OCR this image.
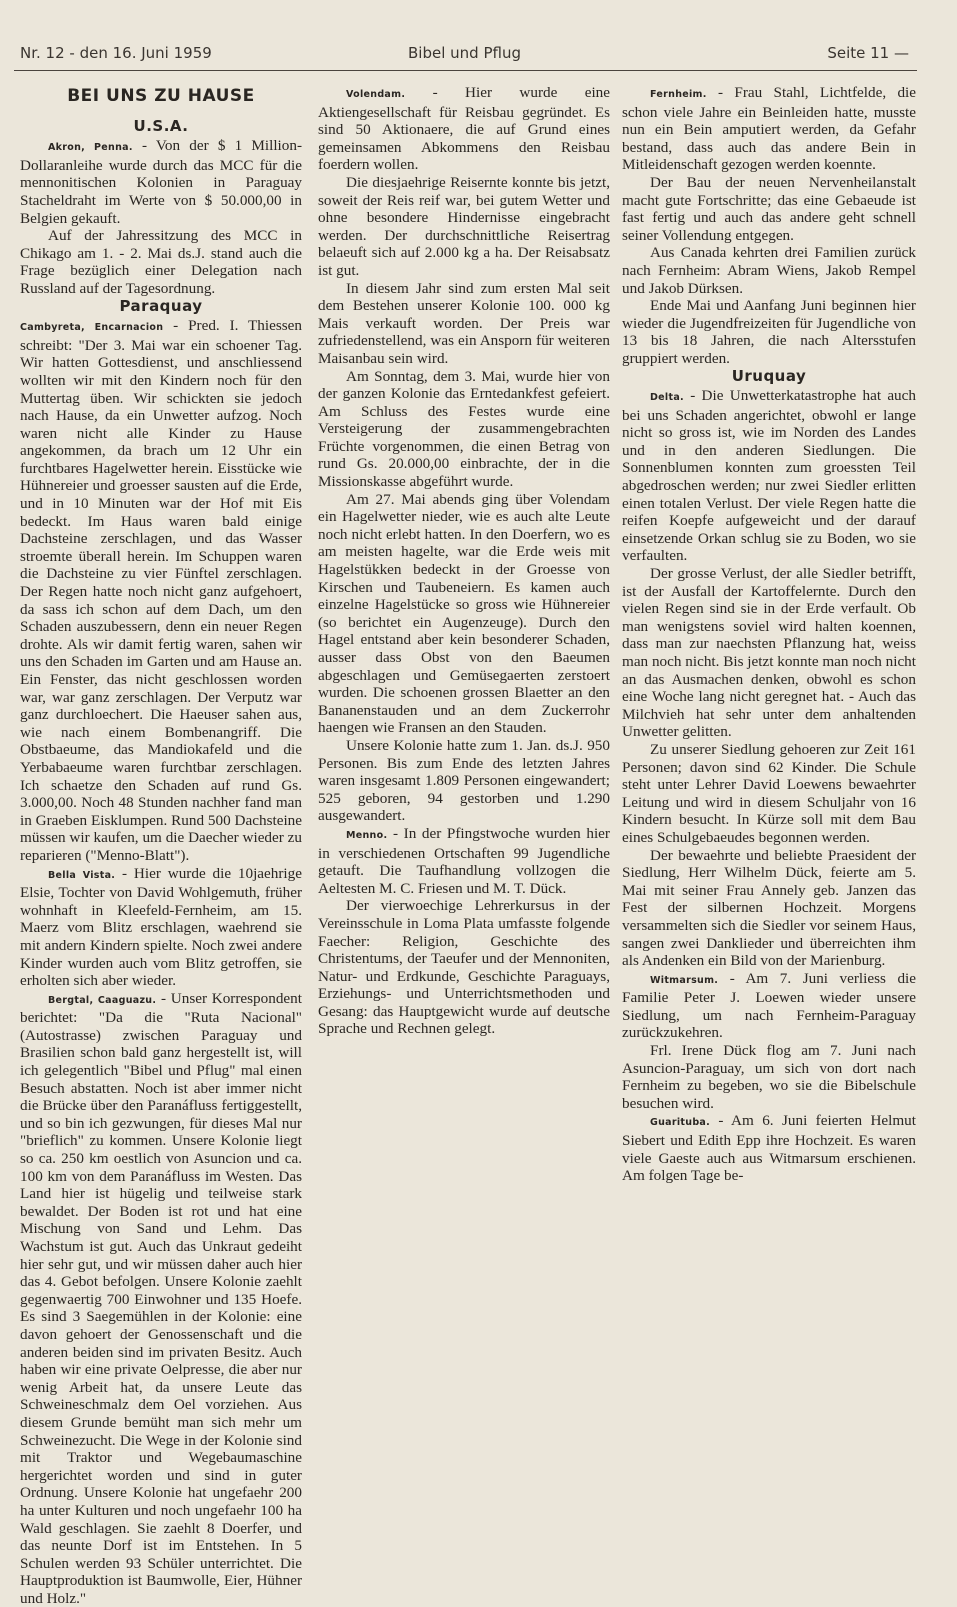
Nr. 12 - den 16. Juni 1959	Bibel und Pflug	Seite 11 —
BEI UNS ZU HAUSE
U.S.A.

Akron, Penna. - Von der $ 1 Million-Dollaranleihe wurde durch das MCC für die mennonitischen Kolonien in Paraguay Stacheldraht im Werte von $ 50.000,00 in Belgien gekauft.

Auf der Jahressitzung des MCC in Chikago am 1. - 2. Mai ds.J. stand auch die Frage bezüglich einer Delegation nach Russland auf der Tagesordnung.

Paraquay

Cambyreta, Encarnacion - Pred. I. Thiessen schreibt: "Der 3. Mai war ein schoener Tag. Wir hatten Gottesdienst, und anschliessend wollten wir mit den Kindern noch für den Muttertag üben. Wir schickten sie jedoch nach Hause, da ein Unwetter aufzog. Noch waren nicht alle Kinder zu Hause angekommen, da brach um 12 Uhr ein furchtbares Hagelwetter herein. Eisstücke wie Hühnereier und groesser sausten auf die Erde, und in 10 Minuten war der Hof mit Eis bedeckt. Im Haus waren bald einige Dachsteine zerschlagen, und das Wasser stroemte überall herein. Im Schuppen waren die Dachsteine zu vier Fünftel zerschlagen. Der Regen hatte noch nicht ganz aufgehoert, da sass ich schon auf dem Dach, um den Schaden auszubessern, denn ein neuer Regen drohte. Als wir damit fertig waren, sahen wir uns den Schaden im Garten und am Hause an. Ein Fenster, das nicht geschlossen worden war, war ganz zerschlagen. Der Verputz war ganz durchloechert. Die Haeuser sahen aus, wie nach einem Bombenangriff. Die Obstbaeume, das Mandiokafeld und die Yerbabaeume waren furchtbar zerschlagen. Ich schaetze den Schaden auf rund Gs. 3.000,00. Noch 48 Stunden nachher fand man in Graeben Eisklumpen. Rund 500 Dachsteine müssen wir kaufen, um die Daecher wieder zu reparieren ("Menno-Blatt").

Bella Vista. - Hier wurde die 10jaehrige Elsie, Tochter von David Wohlgemuth, früher wohnhaft in Kleefeld-Fernheim, am 15. Maerz vom Blitz erschlagen, waehrend sie mit andern Kindern spielte. Noch zwei andere Kinder wurden auch vom Blitz getroffen, sie erholten sich aber wieder.

Bergtal, Caaguazu. - Unser Korrespondent berichtet: "Da die "Ruta Nacional" (Autostrasse) zwischen Paraguay und Brasilien schon bald ganz hergestellt ist, will ich gelegentlich "Bibel und Pflug" mal einen Besuch abstatten. Noch ist aber immer nicht die Brücke über den Paranáfluss fertiggestellt, und so bin ich gezwungen, für dieses Mal nur "brieflich" zu kommen. Unsere Kolonie liegt so ca. 250 km oestlich von Asuncion und ca. 100 km von dem Paranáfluss im Westen. Das Land hier ist hügelig und teilweise stark bewaldet. Der Boden ist rot und hat eine Mischung von Sand und Lehm. Das Wachstum ist gut. Auch das Unkraut gedeiht hier sehr gut, und wir müssen daher auch hier das 4. Gebot befolgen. Unsere Kolonie zaehlt gegenwaertig 700 Einwohner und 135 Hoefe. Es sind 3 Saegemühlen in der Kolonie: eine davon gehoert der Genossenschaft und die anderen beiden sind im privaten Besitz. Auch haben wir eine private Oelpresse, die aber nur wenig Arbeit hat, da unsere Leute das Schweineschmalz dem Oel vorziehen. Aus diesem Grunde bemüht man sich mehr um Schweinezucht. Die Wege in der Kolonie sind mit Traktor und Wegebaumaschine hergerichtet worden und sind in guter Ordnung. Unsere Kolonie hat ungefaehr 200 ha unter Kulturen und noch ungefaehr 100 ha Wald geschlagen. Sie zaehlt 8 Doerfer, und das neunte Dorf ist im Entstehen. In 5 Schulen werden 93 Schüler unterrichtet. Die Hauptproduktion ist Baumwolle, Eier, Hühner und Holz."

Volendam. - Hier wurde eine Aktiengesellschaft für Reisbau gegründet. Es sind 50 Aktionaere, die auf Grund eines gemeinsamen Abkommens den Reisbau foerdern wollen.

Die diesjaehrige Reisernte konnte bis jetzt, soweit der Reis reif war, bei gutem Wetter und ohne besondere Hindernisse eingebracht werden. Der durchschnittliche Reisertrag belaeuft sich auf 2.000 kg a ha. Der Reisabsatz ist gut.

In diesem Jahr sind zum ersten Mal seit dem Bestehen unserer Kolonie 100. 000 kg Mais verkauft worden. Der Preis war zufriedenstellend, was ein Ansporn für weiteren Maisanbau sein wird.

Am Sonntag, dem 3. Mai, wurde hier von der ganzen Kolonie das Erntedankfest gefeiert. Am Schluss des Festes wurde eine Versteigerung der zusammengebrachten Früchte vorgenommen, die einen Betrag von rund Gs. 20.000,00 einbrachte, der in die Missionskasse abgeführt wurde.

Am 27. Mai abends ging über Volendam ein Hagelwetter nieder, wie es auch alte Leute noch nicht erlebt hatten. In den Doerfern, wo es am meisten hagelte, war die Erde weis mit Hagelstükken bedeckt in der Groesse von Kirschen und Taubeneiern. Es kamen auch einzelne Hagelstücke so gross wie Hühnereier (so berichtet ein Augenzeuge). Durch den Hagel entstand aber kein besonderer Schaden, ausser dass Obst von den Baeumen abgeschlagen und Gemüsegaerten zerstoert wurden. Die schoenen grossen Blaetter an den Bananenstauden und an dem Zuckerrohr haengen wie Fransen an den Stauden.

Unsere Kolonie hatte zum 1. Jan. ds.J. 950 Personen. Bis zum Ende des letzten Jahres waren insgesamt 1.809 Personen eingewandert; 525 geboren, 94 gestorben und 1.290 ausgewandert.

Menno. - In der Pfingstwoche wurden hier in verschiedenen Ortschaften 99 Jugendliche getauft. Die Taufhandlung vollzogen die Aeltesten M. C. Friesen und M. T. Dück.

Der vierwoechige Lehrerkursus in der Vereinsschule in Loma Plata umfasste folgende Faecher: Religion, Geschichte des Christentums, der Taeufer und der Mennoniten, Natur- und Erdkunde, Geschichte Paraguays, Erziehungs- und Unterrichtsmethoden und Gesang: das Hauptgewicht wurde auf deutsche Sprache und Rechnen gelegt.

Fernheim. - Frau Stahl, Lichtfelde, die schon viele Jahre ein Beinleiden hatte, musste nun ein Bein amputiert werden, da Gefahr bestand, dass auch das andere Bein in Mitleidenschaft gezogen werden koennte.

Der Bau der neuen Nervenheilanstalt macht gute Fortschritte; das eine Gebaeude ist fast fertig und auch das andere geht schnell seiner Vollendung entgegen.

Aus Canada kehrten drei Familien zurück nach Fernheim: Abram Wiens, Jakob Rempel und Jakob Dürksen.

Ende Mai und Aanfang Juni beginnen hier wieder die Jugendfreizeiten für Jugendliche von 13 bis 18 Jahren, die nach Altersstufen gruppiert werden.

Uruquay

Delta. - Die Unwetterkatastrophe hat auch bei uns Schaden angerichtet, obwohl er lange nicht so gross ist, wie im Norden des Landes und in den anderen Siedlungen. Die Sonnenblumen konnten zum groessten Teil abgedroschen werden; nur zwei Siedler erlitten einen totalen Verlust. Der viele Regen hatte die reifen Koepfe aufgeweicht und der darauf einsetzende Orkan schlug sie zu Boden, wo sie verfaulten.

Der grosse Verlust, der alle Siedler betrifft, ist der Ausfall der Kartoffelernte. Durch den vielen Regen sind sie in der Erde verfault. Ob man wenigstens soviel wird halten koennen, dass man zur naechsten Pflanzung hat, weiss man noch nicht. Bis jetzt konnte man noch nicht an das Ausmachen denken, obwohl es schon eine Woche lang nicht geregnet hat. - Auch das Milchvieh hat sehr unter dem anhaltenden Unwetter gelitten.

Zu unserer Siedlung gehoeren zur Zeit 161 Personen; davon sind 62 Kinder. Die Schule steht unter Lehrer David Loewens bewaehrter Leitung und wird in diesem Schuljahr von 16 Kindern besucht. In Kürze soll mit dem Bau eines Schulgebaeudes begonnen werden.

Der bewaehrte und beliebte Praesident der Siedlung, Herr Wilhelm Dück, feierte am 5. Mai mit seiner Frau Annely geb. Janzen das Fest der silbernen Hochzeit. Morgens versammelten sich die Siedler vor seinem Haus, sangen zwei Danklieder und überreichten ihm als Andenken ein Bild von der Marienburg.

Witmarsum. - Am 7. Juni verliess die Familie Peter J. Loewen wieder unsere Siedlung, um nach Fernheim-Paraguay zurückzukehren.

Frl. Irene Dück flog am 7. Juni nach Asuncion-Paraguay, um sich von dort nach Fernheim zu begeben, wo sie die Bibelschule besuchen wird.

Guarituba. - Am 6. Juni feierten Helmut Siebert und Edith Epp ihre Hochzeit. Es waren viele Gaeste auch aus Witmarsum erschienen. Am folgen Tage be-
